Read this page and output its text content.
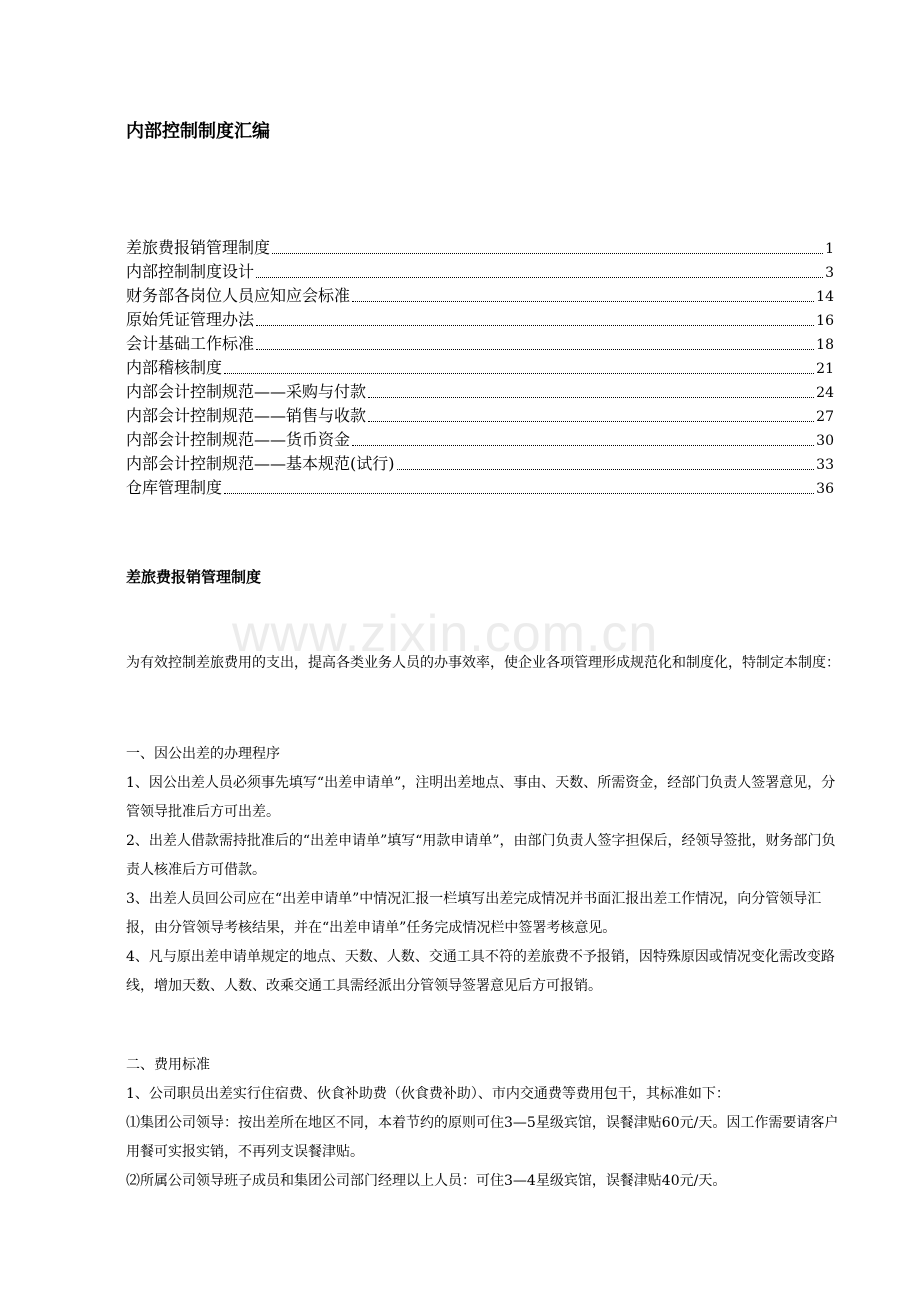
内部控制制度汇编
差旅费报销管理制度	1
内部控制制度设计	3
财务部各岗位人员应知应会标准	14
原始凭证管理办法	16
会计基础工作标准	18
内部稽核制度	21
内部会计控制规范——采购与付款	24
内部会计控制规范——销售与收款	27
内部会计控制规范——货币资金	30
内部会计控制规范——基本规范(试行)	33
仓库管理制度	36
差旅费报销管理制度
www.zixin.com.cn

为有效控制差旅费用的支出，提高各类业务人员的办事效率，使企业各项管理形成规范化和制度化，特制定本制度：

一、因公出差的办理程序

1、因公出差人员必须事先填写“出差申请单”，注明出差地点、事由、天数、所需资金，经部门负责人签署意见，分管领导批准后方可出差。

2、出差人借款需持批准后的“出差申请单”填写“用款申请单”，由部门负责人签字担保后，经领导签批，财务部门负责人核准后方可借款。

3、出差人员回公司应在“出差申请单”中情况汇报一栏填写出差完成情况并书面汇报出差工作情况，向分管领导汇报，由分管领导考核结果，并在“出差申请单”任务完成情况栏中签署考核意见。

4、凡与原出差申请单规定的地点、天数、人数、交通工具不符的差旅费不予报销，因特殊原因或情况变化需改变路线，增加天数、人数、改乘交通工具需经派出分管领导签署意见后方可报销。

二、费用标准

1、公司职员出差实行住宿费、伙食补助费（伙食费补助）、市内交通费等费用包干，其标准如下：

⑴集团公司领导：按出差所在地区不同，本着节约的原则可住3—5星级宾馆，误餐津贴60元/天。因工作需要请客户用餐可实报实销，不再列支误餐津贴。

⑵所属公司领导班子成员和集团公司部门经理以上人员：可住3—4星级宾馆，误餐津贴40元/天。
